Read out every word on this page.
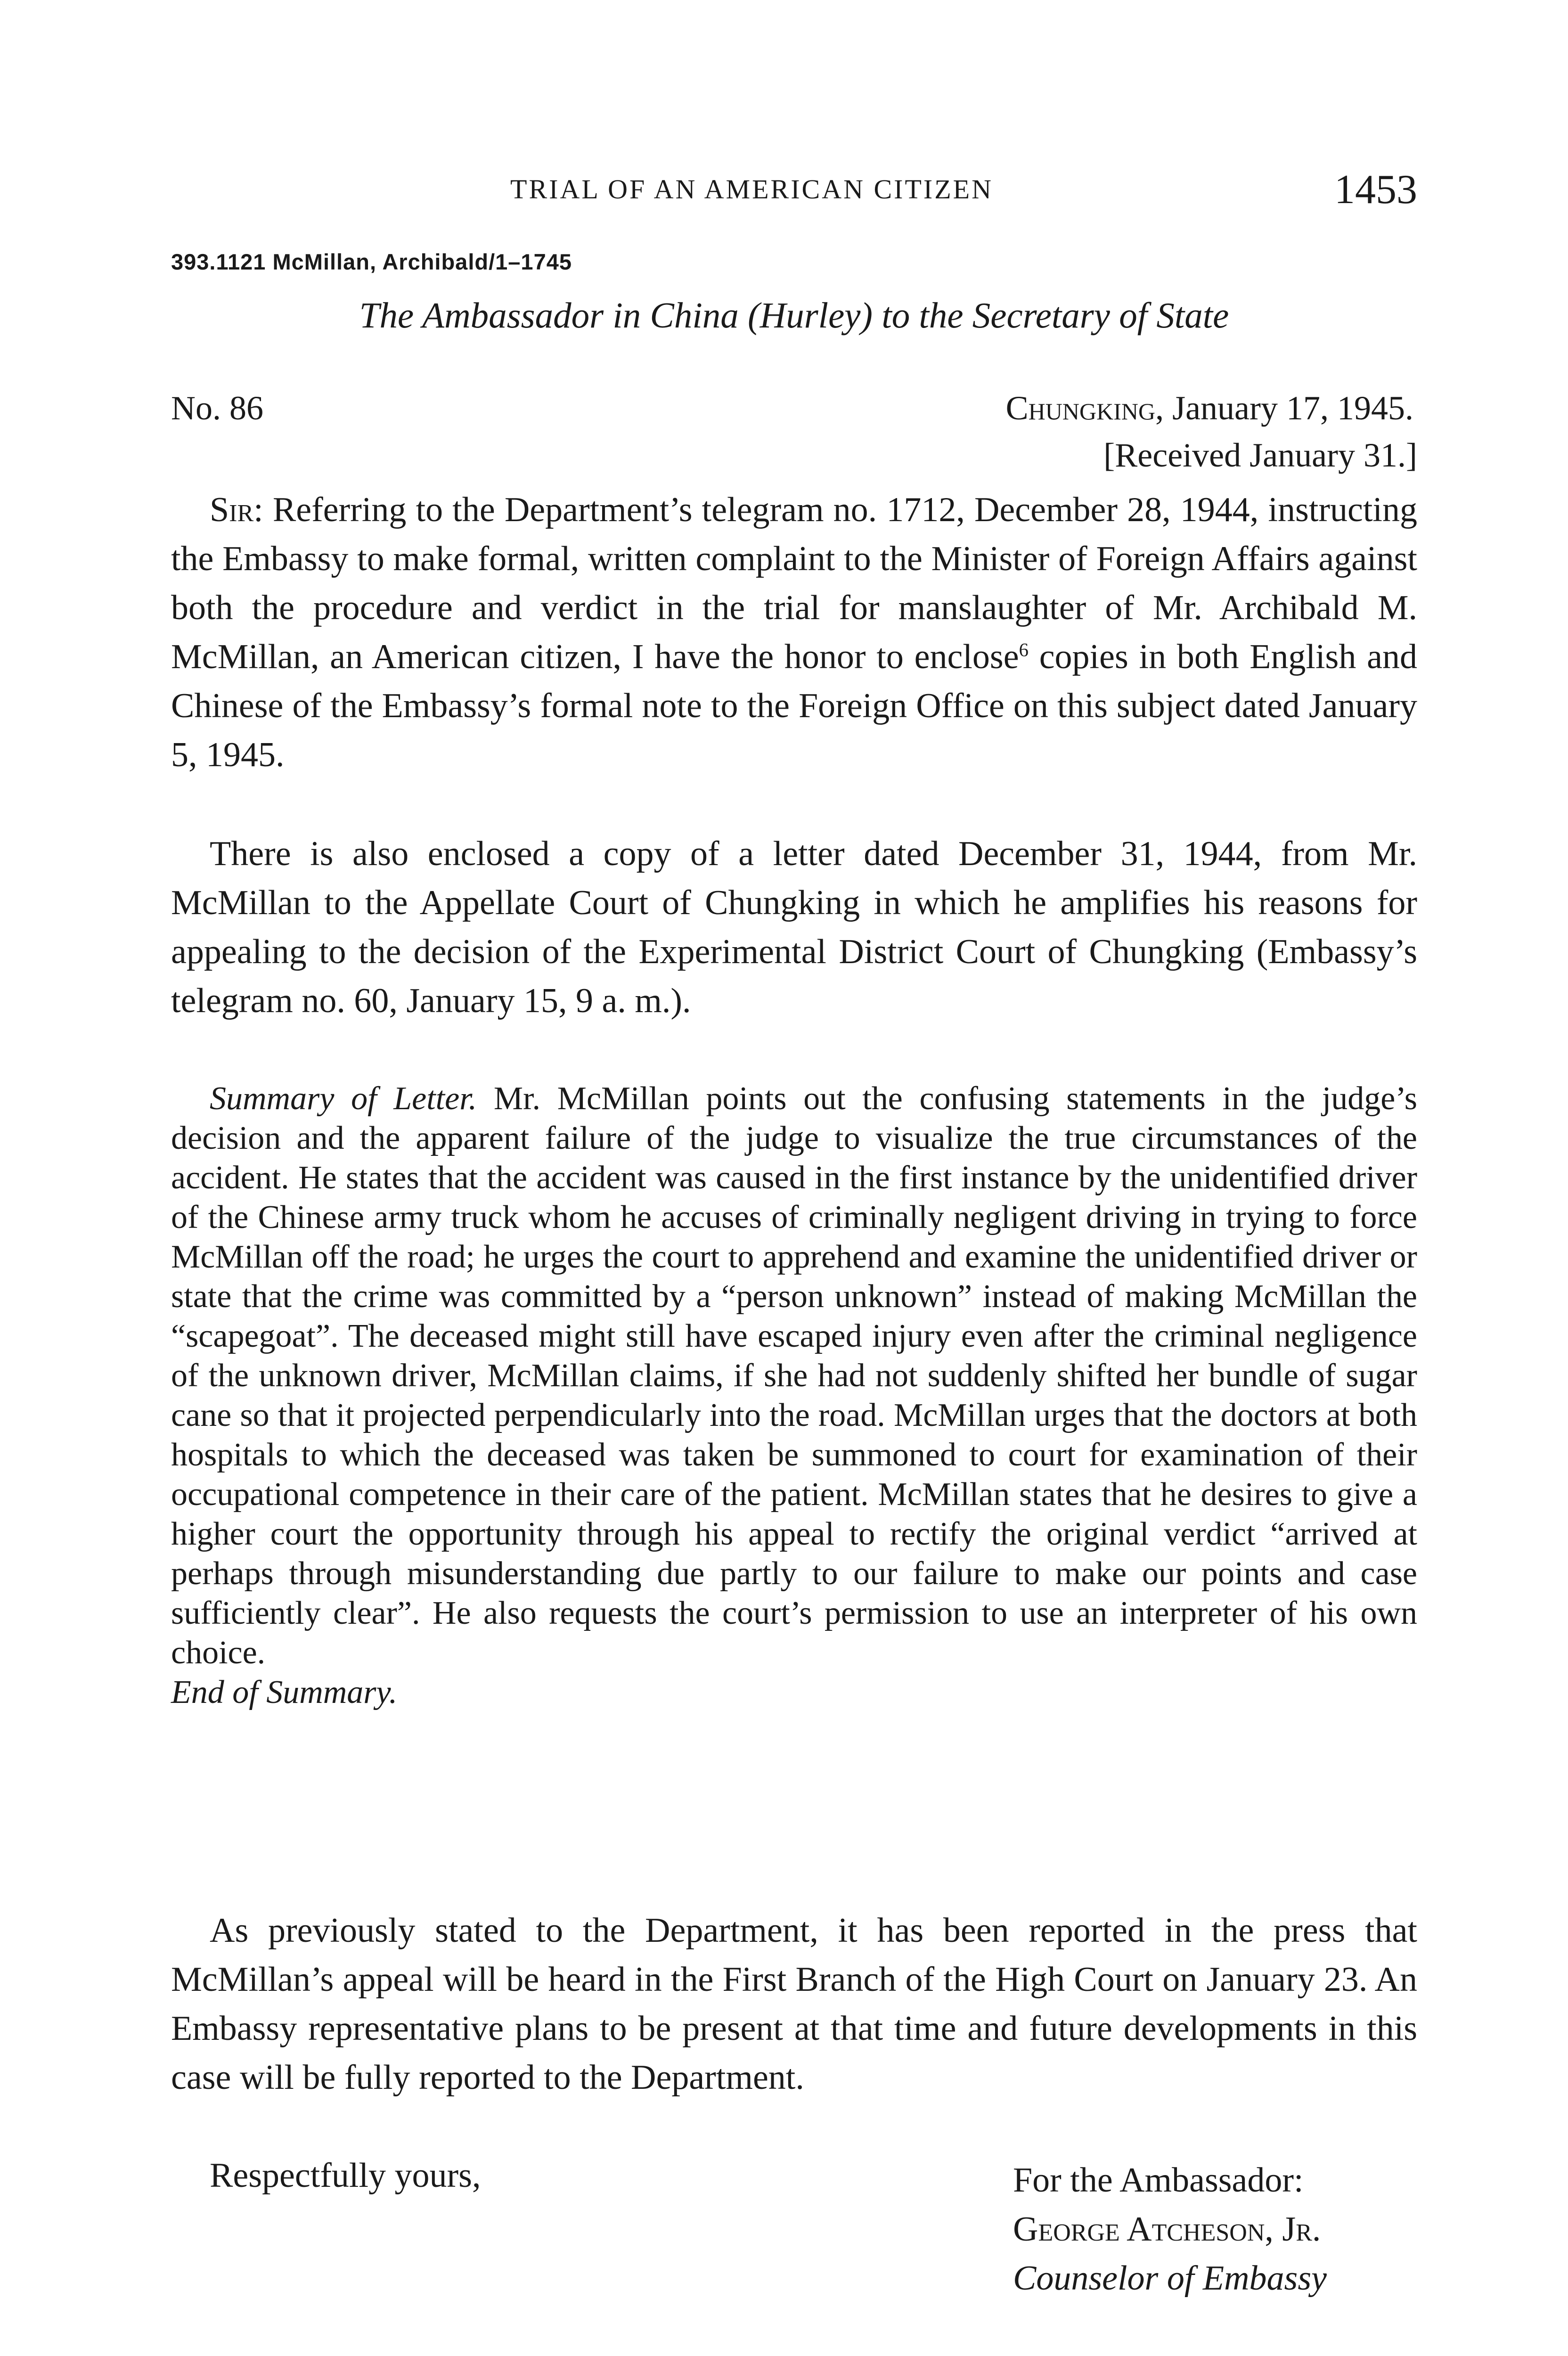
TRIAL OF AN AMERICAN CITIZEN	1453
393.1121 McMillan, Archibald/1–1745
The Ambassador in China (Hurley) to the Secretary of State
No. 86	Chungking, January 17, 1945.
[Received January 31.]

Sir: Referring to the Department’s telegram no. 1712, December 28, 1944, instructing the Embassy to make formal, written complaint to the Minister of Foreign Affairs against both the procedure and verdict in the trial for manslaughter of Mr. Archibald M. McMillan, an American citizen, I have the honor to enclose$^6$ copies in both English and Chinese of the Embassy’s formal note to the Foreign Office on this subject dated January 5, 1945.

There is also enclosed a copy of a letter dated December 31, 1944, from Mr. McMillan to the Appellate Court of Chungking in which he amplifies his reasons for appealing to the decision of the Experimental District Court of Chungking (Embassy’s telegram no. 60, January 15, 9 a. m.).

Summary of Letter. Mr. McMillan points out the confusing statements in the judge’s decision and the apparent failure of the judge to visualize the true circumstances of the accident. He states that the accident was caused in the first instance by the unidentified driver of the Chinese army truck whom he accuses of criminally negligent driving in trying to force McMillan off the road; he urges the court to apprehend and examine the unidentified driver or state that the crime was committed by a “person unknown” instead of making McMillan the “scapegoat”. The deceased might still have escaped injury even after the criminal negligence of the unknown driver, McMillan claims, if she had not suddenly shifted her bundle of sugar cane so that it projected perpendicularly into the road. McMillan urges that the doctors at both hospitals to which the deceased was taken be summoned to court for examination of their occupational competence in their care of the patient. McMillan states that he desires to give a higher court the opportunity through his appeal to rectify the original verdict “arrived at perhaps through misunderstanding due partly to our failure to make our points and case sufficiently clear”. He also requests the court’s permission to use an interpreter of his own choice.
End of Summary.

As previously stated to the Department, it has been reported in the press that McMillan’s appeal will be heard in the First Branch of the High Court on January 23. An Embassy representative plans to be present at that time and future developments in this case will be fully reported to the Department.

Respectfully yours,	For the Ambassador:
George Atcheson, Jr.
Counselor of Embassy
